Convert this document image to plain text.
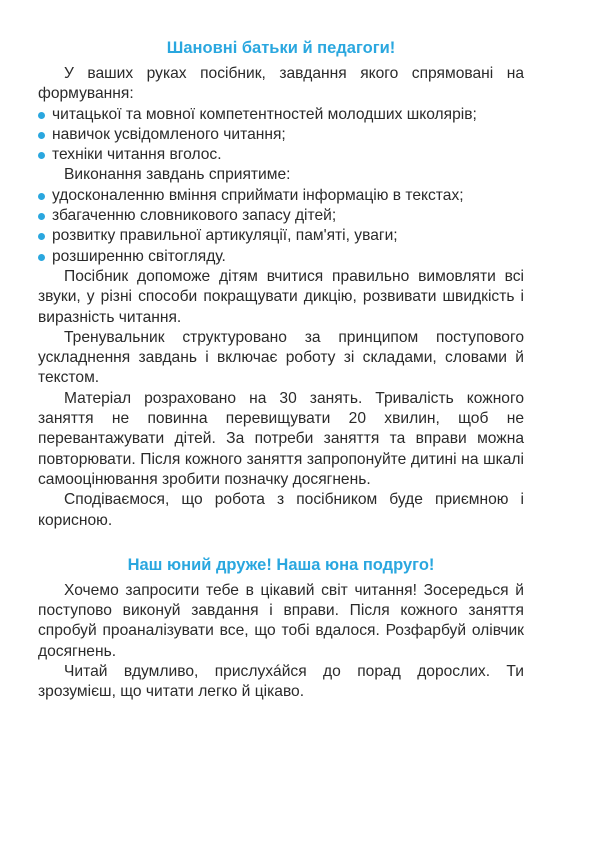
Шановні батьки й педагоги!

У ваших руках посібник, завдання якого спрямовані на формування:

читацької та мовної компетентностей молодших школярів;
навичок усвідомленого читання;
техніки читання вголос.

Виконання завдань сприятиме:

удосконаленню вміння сприймати інформацію в текстах;
збагаченню словникового запасу дітей;
розвитку правильної артикуляції, пам'яті, уваги;
розширенню світогляду.

Посібник допоможе дітям вчитися правильно вимовляти всі звуки, у різні способи покращувати дикцію, розвивати швидкість і виразність читання.

Тренувальник структуровано за принципом поступового ускладнення завдань і включає роботу зі складами, словами й текстом.

Матеріал розраховано на 30 занять. Тривалість кожного заняття не повинна перевищувати 20 хвилин, щоб не перевантажувати дітей. За потреби заняття та вправи можна повторювати. Після кожного заняття запропонуйте дитині на шкалі самооцінювання зробити позначку досягнень.

Сподіваємося, що робота з посібником буде приємною і корисною.

Наш юний друже! Наша юна подруго!

Хочемо запросити тебе в цікавий світ читання! Зосередься й поступово виконуй завдання і вправи. Після кожного заняття спробуй проаналізувати все, що тобі вдалося. Розфарбуй олівчик досягнень.

Читай вдумливо, прислухáйся до порад дорослих. Ти зрозумієш, що читати легко й цікаво.
